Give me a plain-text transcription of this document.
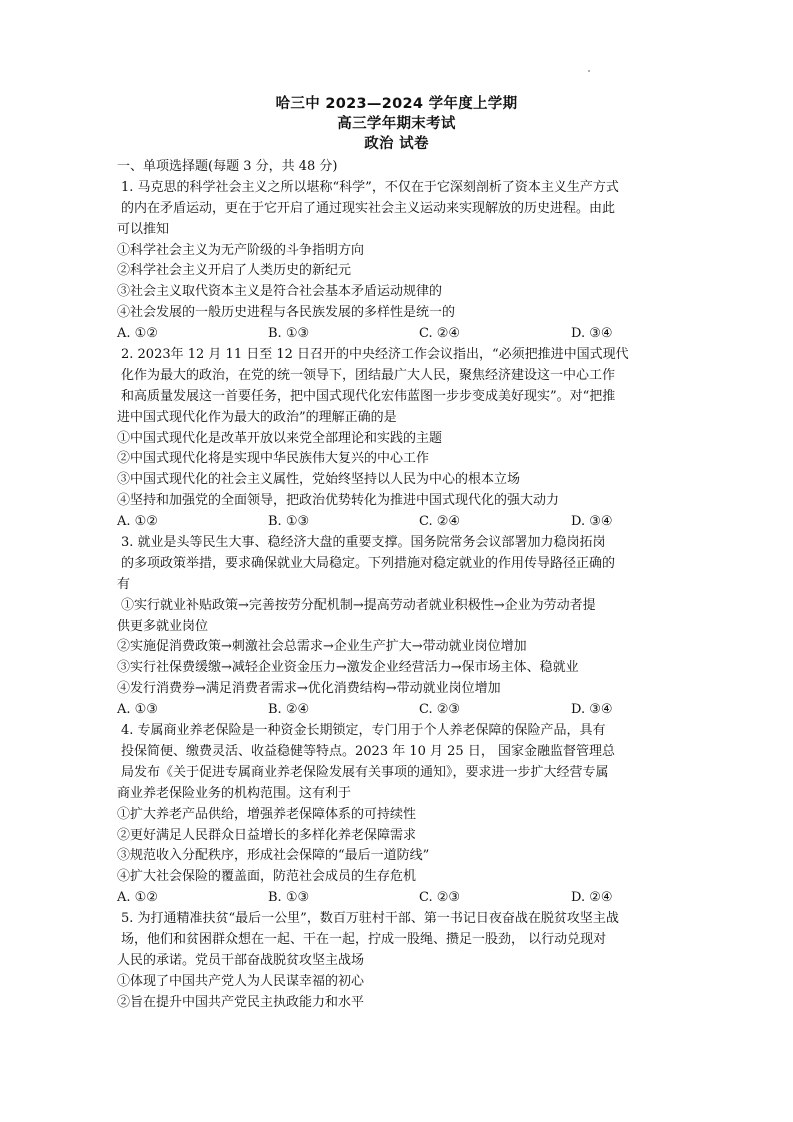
哈三中 2023—2024 学年度上学期
高三学年期末考试
政治 试卷
一、单项选择题(每题 3 分，共 48 分)
1. 马克思的科学社会主义之所以堪称“科学”，不仅在于它深刻剖析了资本主义生产方式
的内在矛盾运动，更在于它开启了通过现实社会主义运动来实现解放的历史进程。由此
可以推知
①科学社会主义为无产阶级的斗争指明方向
②科学社会主义开启了人类历史的新纪元
③社会主义取代资本主义是符合社会基本矛盾运动规律的
④社会发展的一般历史进程与各民族发展的多样性是统一的
A. ①②	B. ①③	C. ②④	D. ③④
2. 2023年 12 月 11 日至 12 日召开的中央经济工作会议指出，“必须把推进中国式现代
化作为最大的政治，在党的统一领导下，团结最广大人民，聚焦经济建设这一中心工作
和高质量发展这一首要任务，把中国式现代化宏伟蓝图一步步变成美好现实”。对“把推
进中国式现代化作为最大的政治”的理解正确的是
①中国式现代化是改革开放以来党全部理论和实践的主题
②中国式现代化将是实现中华民族伟大复兴的中心工作
③中国式现代化的社会主义属性，党始终坚持以人民为中心的根本立场
④坚持和加强党的全面领导，把政治优势转化为推进中国式现代化的强大动力
A. ①②	B. ①③	C. ②④	D. ③④
3. 就业是头等民生大事、稳经济大盘的重要支撑。国务院常务会议部署加力稳岗拓岗
的多项政策举措，要求确保就业大局稳定。下列措施对稳定就业的作用传导路径正确的
有
①实行就业补贴政策→完善按劳分配机制→提高劳动者就业积极性→企业为劳动者提
供更多就业岗位
②实施促消费政策→刺激社会总需求→企业生产扩大→带动就业岗位增加
③实行社保费缓缴→减轻企业资金压力→激发企业经营活力→保市场主体、稳就业
④发行消费券→满足消费者需求→优化消费结构→带动就业岗位增加
A. ①③	B. ②④	C. ②③	D. ③④
4. 专属商业养老保险是一种资金长期锁定，专门用于个人养老保障的保险产品，具有
投保简便、缴费灵活、收益稳健等特点。2023 年 10 月 25 日， 国家金融监督管理总
局发布《关于促进专属商业养老保险发展有关事项的通知》，要求进一步扩大经营专属
商业养老保险业务的机构范围。这有利于
①扩大养老产品供给，增强养老保障体系的可持续性
②更好满足人民群众日益增长的多样化养老保障需求
③规范收入分配秩序，形成社会保障的“最后一道防线”
④扩大社会保险的覆盖面，防范社会成员的生存危机
A. ①②	B. ①③	C. ②③	D. ②④
5. 为打通精准扶贫“最后一公里”，数百万驻村干部、第一书记日夜奋战在脱贫攻坚主战
场，他们和贫困群众想在一起、干在一起，拧成一股绳、攒足一股劲， 以行动兑现对
人民的承诺。党员干部奋战脱贫攻坚主战场
①体现了中国共产党人为人民谋幸福的初心
②旨在提升中国共产党民主执政能力和水平
